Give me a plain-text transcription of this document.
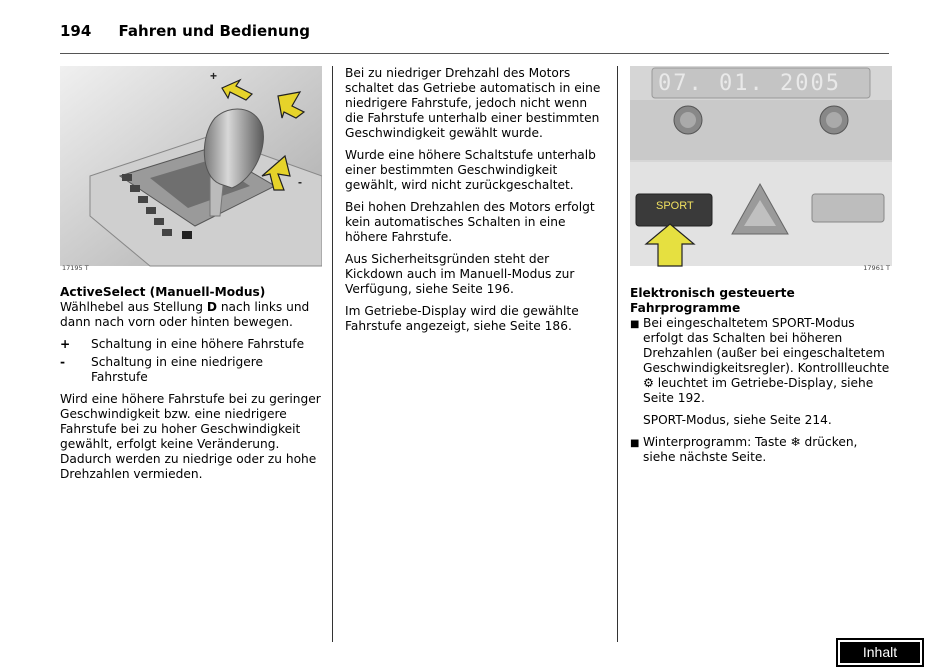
194 Fahren und Bedienung
+
-
17195 T
07. 01. 2005
SPORT
17961 T
ActiveSelect (Manuell-Modus)

Wählhebel aus Stellung D nach links und dann nach vorn oder hinten bewegen.

+	Schaltung in eine höhere Fahrstufe
-	Schaltung in eine niedrigere Fahrstufe

Wird eine höhere Fahrstufe bei zu geringer Geschwindigkeit bzw. eine niedrigere Fahrstufe bei zu hoher Geschwindigkeit gewählt, erfolgt keine Veränderung. Dadurch werden zu niedrige oder zu hohe Drehzahlen vermieden.

Bei zu niedriger Drehzahl des Motors schaltet das Getriebe automatisch in eine niedrigere Fahrstufe, jedoch nicht wenn die Fahrstufe unterhalb einer bestimmten Geschwindigkeit gewählt wurde.

Wurde eine höhere Schaltstufe unterhalb einer bestimmten Geschwindigkeit gewählt, wird nicht zurückgeschaltet.

Bei hohen Drehzahlen des Motors erfolgt kein automatisches Schalten in eine höhere Fahrstufe.

Aus Sicherheitsgründen steht der Kickdown auch im Manuell-Modus zur Verfügung, siehe Seite 196.

Im Getriebe-Display wird die gewählte Fahrstufe angezeigt, siehe Seite 186.

Elektronisch gesteuerte Fahrprogramme
■ Bei eingeschaltetem SPORT-Modus erfolgt das Schalten bei höheren Drehzahlen (außer bei eingeschaltetem Geschwindigkeitsregler). Kontrollleuchte ⚙ leuchtet im Getriebe-Display, siehe Seite 192.

SPORT-Modus, siehe Seite 214.

■ Winterprogramm: Taste ❄ drücken, siehe nächste Seite.
Inhalt
